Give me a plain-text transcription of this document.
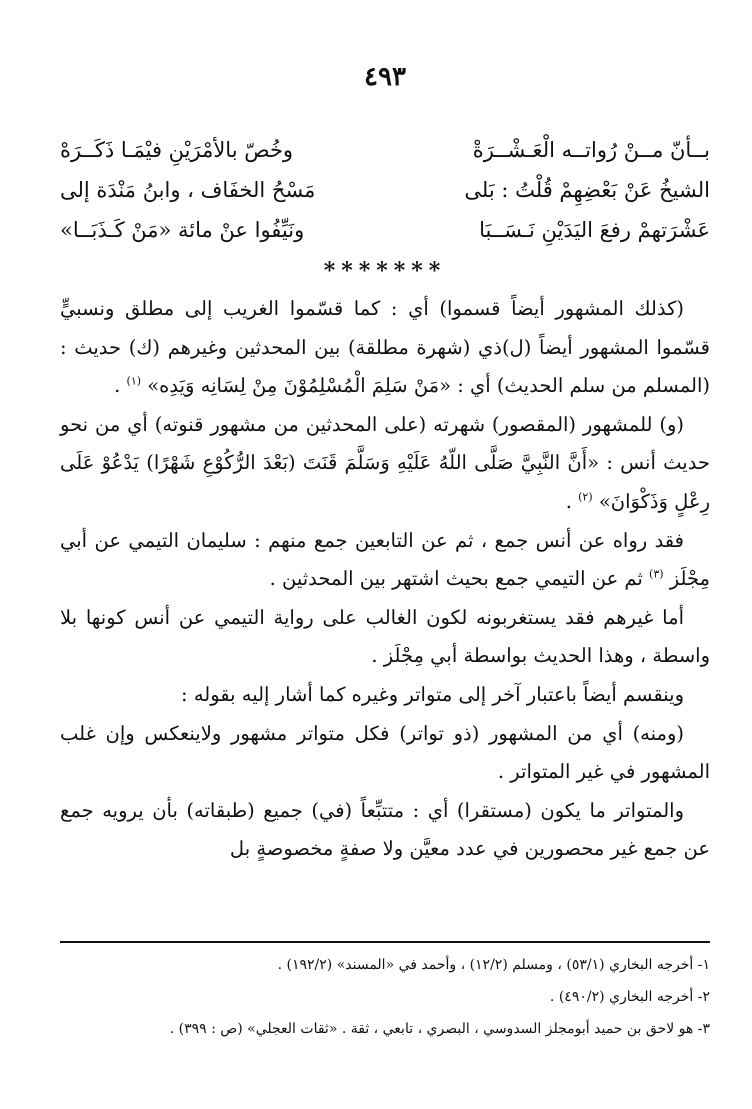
٤٩٣
بــأنّ مــنْ رُواتــه الْعَـشْــرَةْ
وخُصّ بالأمْرَيْنِ فيْمَـا ذَكَــرَهْ
الشيخُ عَنْ بَعْضِهِمْ قُلْتُ : بَلى
مَسْحُ الخفَاف ، وابنُ مَنْدَة إلى
عَشْرَتهمْ رفعَ اليَدَيْنِ نَـسَــبَا
ونَيِّفُوا عنْ مائة «مَنْ كَـذَبَــا»
*******

(كذلك المشهور أيضاً قسموا) أي : كما قسّموا الغريب إلى مطلق ونسبيٍّ قسّموا المشهور أيضاً (ل)ذي (شهرة مطلقة) بين المحدثين وغيرهم (ك) حديث : (المسلم من سلم الحديث) أي : «مَنْ سَلِمَ الْمُسْلِمُوْنَ مِنْ لِسَانِه وَيَدِه» $^{(١)}$ .

(و) للمشهور (المقصور) شهرته (على المحدثين من مشهور قنوته) أي من نحو حديث أنس : «أَنَّ النَّبِيَّ صَلَّى اللّهُ عَلَيْهِ وَسَلَّمَ قَنَتَ (بَعْدَ الرُّكُوْعِ شَهْرًا) يَدْعُوْ عَلَى رِعْلٍ وَذَكْوَانَ» $^{(٢)}$ .

فقد رواه عن أنس جمع ، ثم عن التابعين جمع منهم : سليمان التيمي عن أبي مِجْلَز $^{(٣)}$ ثم عن التيمي جمع بحيث اشتهر بين المحدثين .

أما غيرهم فقد يستغربونه لكون الغالب على رواية التيمي عن أنس كونها بلا واسطة ، وهذا الحديث بواسطة أبي مِجْلَز .

وينقسم أيضاً باعتبار آخر إلى متواتر وغيره كما أشار إليه بقوله :

(ومنه) أي من المشهور (ذو تواتر) فكل متواتر مشهور ولاينعكس وإن غلب المشهور في غير المتواتر .

والمتواتر ما يكون (مستقرا) أي : متتبِّعاً (في) جميع (طبقاته) بأن يرويه جمع عن جمع غير محصورين في عدد معيَّن ولا صفةٍ مخصوصةٍ بل

١- أخرجه البخاري (٥٣/١) ، ومسلم (١٢/٢) ، وأحمد في «المسند» (١٩٢/٢) .

٢- أخرجه البخاري (٤٩٠/٢) .

٣- هو لاحق بن حميد أبومجلز السدوسي ، البصري ، تابعي ، ثقة . «ثقات العجلي» (ص : ٣٩٩) .
